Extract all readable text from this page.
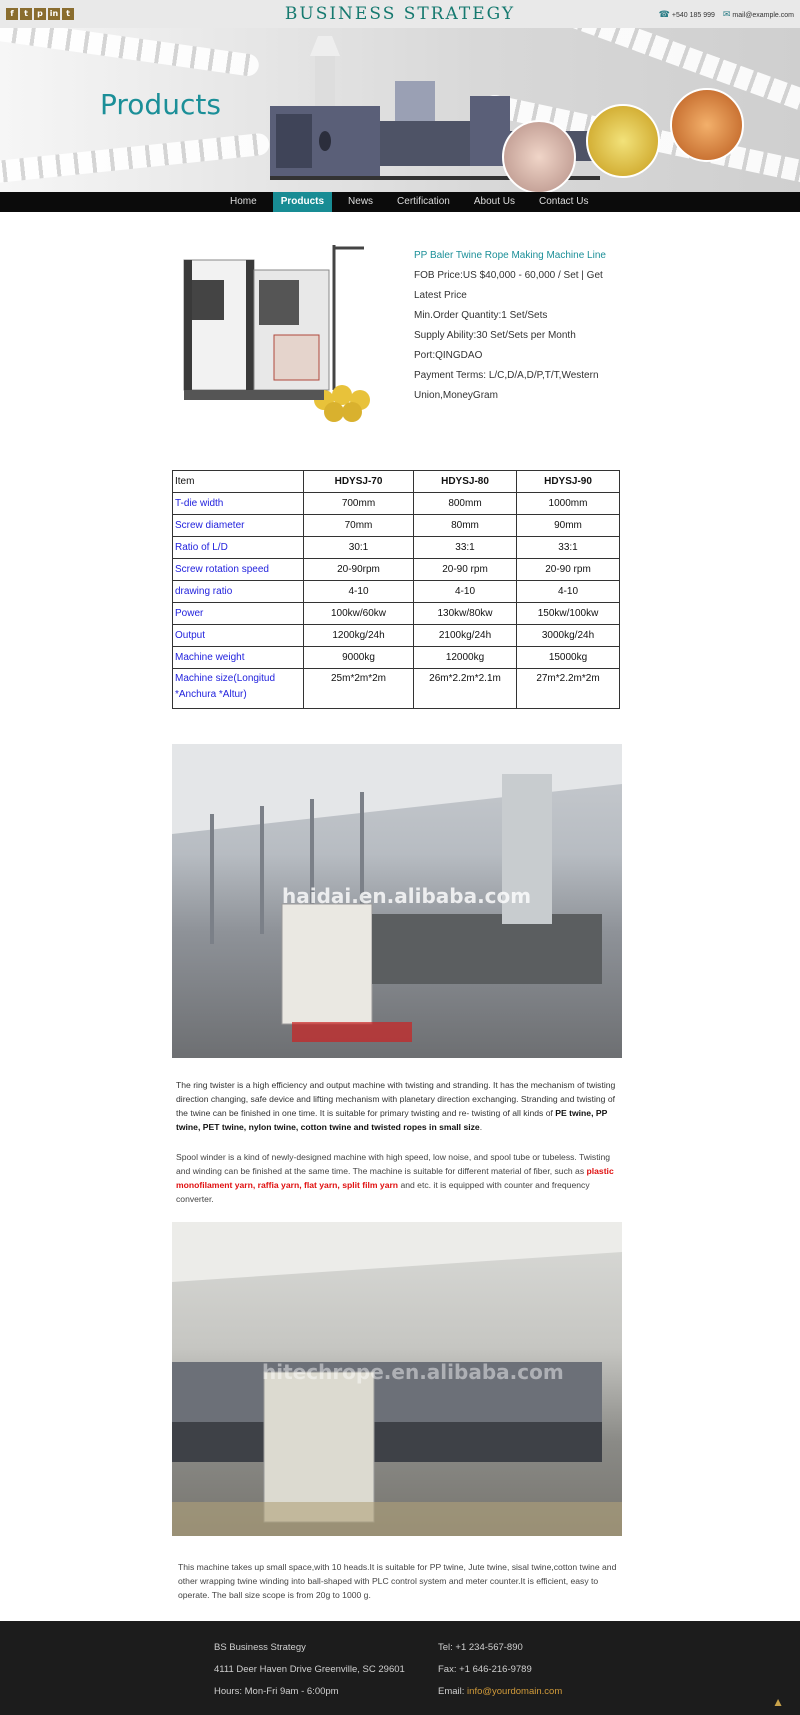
f	t	p in t	BUSINESS STRATEGY	☎ +540 185 999 ✉ mail@example.com
Products
Home	Products	News	Certification	About Us	Contact Us
PP Baler Twine Rope Making Machine Line
FOB Price:US $40,000 - 60,000 / Set | Get Latest Price
Min.Order Quantity:1 Set/Sets
Supply Ability:30 Set/Sets per Month
Port:QINGDAO
Payment Terms: L/C,D/A,D/P,T/T,Western Union,MoneyGram
Item	HDYSJ-70	HDYSJ-80	HDYSJ-90
T-die width	700mm	800mm	1000mm
Screw diameter	70mm	80mm	90mm
Ratio of L/D	30:1	33:1	33:1
Screw rotation speed	20-90rpm	20-90 rpm	20-90 rpm
drawing ratio	4-10	4-10	4-10
Power	100kw/60kw	130kw/80kw	150kw/100kw
Output	1200kg/24h	2100kg/24h	3000kg/24h
Machine weight	9000kg	12000kg	15000kg
Machine size(Longitud *Anchura *Altur)	25m*2m*2m	26m*2.2m*2.1m	27m*2.2m*2m
haidai.en.alibaba.com
The ring twister is a high efficiency and output machine with twisting and stranding. It has the mechanism of twisting direction changing, safe device and lifting mechanism with planetary direction exchanging. Stranding and twisting of the twine can be finished in one time. It is suitable for primary twisting and re- twisting of all kinds of PE twine, PP twine, PET twine, nylon twine, cotton twine and twisted ropes in small size.
Spool winder is a kind of newly-designed machine with high speed, low noise, and spool tube or tubeless. Twisting and winding can be finished at the same time. The machine is suitable for different material of fiber, such as plastic monofilament yarn, raffia yarn, flat yarn, split film yarn and etc. it is equipped with counter and frequency converter.
hitechrope.en.alibaba.com
This machine takes up small space,with 10 heads.It is suitable for PP twine, Jute twine, sisal twine,cotton twine and other wrapping twine winding into ball-shaped with PLC control system and meter counter.It is efficient, easy to operate. The ball size scope is from 20g to 1000 g.
BS Business Strategy
4111 Deer Haven Drive Greenville, SC 29601
Hours: Mon-Fri 9am - 6:00pm
Tel: +1 234-567-890
Fax: +1 646-216-9789
Email: info@yourdomain.com
▲
